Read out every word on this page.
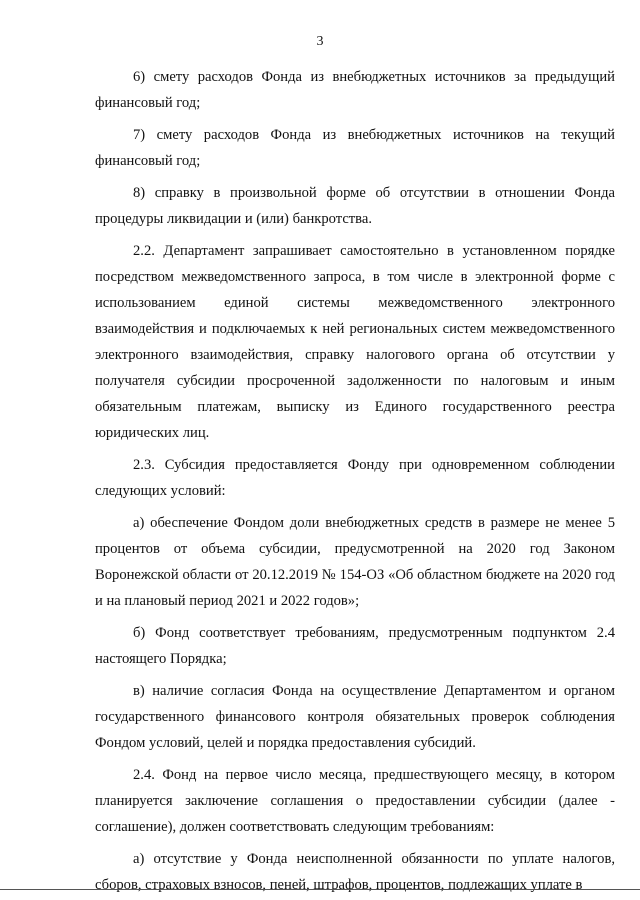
3

6) смету расходов Фонда из внебюджетных источников за предыдущий финансовый год;

7) смету расходов Фонда из внебюджетных источников на текущий финансовый год;

8) справку в произвольной форме об отсутствии в отношении Фонда процедуры ликвидации и (или) банкротства.

2.2. Департамент запрашивает самостоятельно в установленном порядке посредством межведомственного запроса, в том числе в электронной форме с использованием единой системы межведомственного электронного взаимодействия и подключаемых к ней региональных систем межведомственного электронного взаимодействия, справку налогового органа об отсутствии у получателя субсидии просроченной задолженности по налоговым и иным обязательным платежам, выписку из Единого государственного реестра юридических лиц.

2.3. Субсидия предоставляется Фонду при одновременном соблюдении следующих условий:

а) обеспечение Фондом доли внебюджетных средств в размере не менее 5 процентов от объема субсидии, предусмотренной на 2020 год Законом Воронежской области от 20.12.2019 № 154-ОЗ «Об областном бюджете на 2020 год и на плановый период 2021 и 2022 годов»;

б) Фонд соответствует требованиям, предусмотренным подпунктом 2.4 настоящего Порядка;

в) наличие согласия Фонда на осуществление Департаментом и органом государственного финансового контроля обязательных проверок соблюдения Фондом условий, целей и порядка предоставления субсидий.

2.4. Фонд на первое число месяца, предшествующего месяцу, в котором планируется заключение соглашения о предоставлении субсидии (далее - соглашение), должен соответствовать следующим требованиям:

а) отсутствие у Фонда неисполненной обязанности по уплате налогов, сборов, страховых взносов, пеней, штрафов, процентов, подлежащих уплате в
